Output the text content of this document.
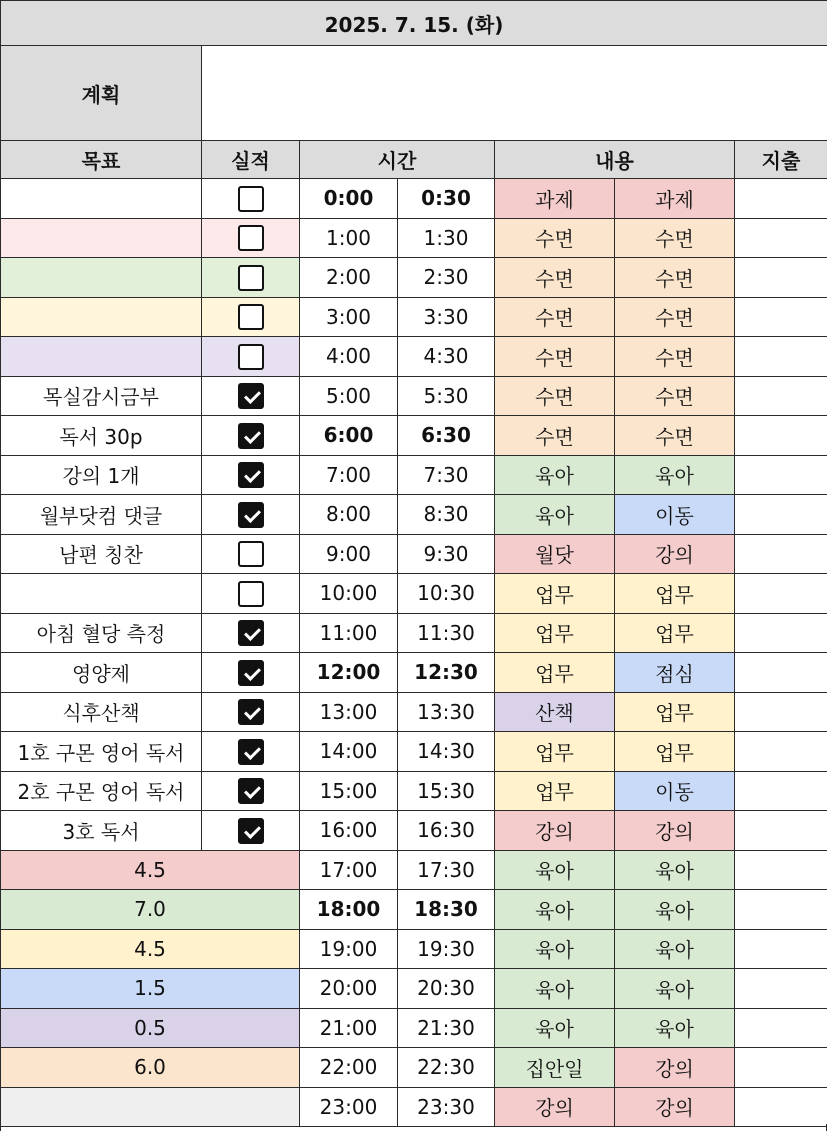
2025. 7. 15. (화)						
계획						
목표	실적	시간		내용		지출
		0:00	0:30	과제	과제	
		1:00	1:30	수면	수면	
		2:00	2:30	수면	수면	
		3:00	3:30	수면	수면	
		4:00	4:30	수면	수면	
목실감시금부		5:00	5:30	수면	수면	
독서 30p		6:00	6:30	수면	수면	
강의 1개		7:00	7:30	육아	육아	
월부닷컴 댓글		8:00	8:30	육아	이동	
남편 칭찬		9:00	9:30	월닷	강의	
		10:00	10:30	업무	업무	
아침 혈당 측정		11:00	11:30	업무	업무	
영양제		12:00	12:30	업무	점심	
식후산책		13:00	13:30	산책	업무	
1호 구몬 영어 독서		14:00	14:30	업무	업무	
2호 구몬 영어 독서		15:00	15:30	업무	이동	
3호 독서		16:00	16:30	강의	강의	
4.5		17:00	17:30	육아	육아	
7.0		18:00	18:30	육아	육아	
4.5		19:00	19:30	육아	육아	
1.5		20:00	20:30	육아	육아	
0.5		21:00	21:30	육아	육아	
6.0		22:00	22:30	집안일	강의	
		23:00	23:30	강의	강의	
